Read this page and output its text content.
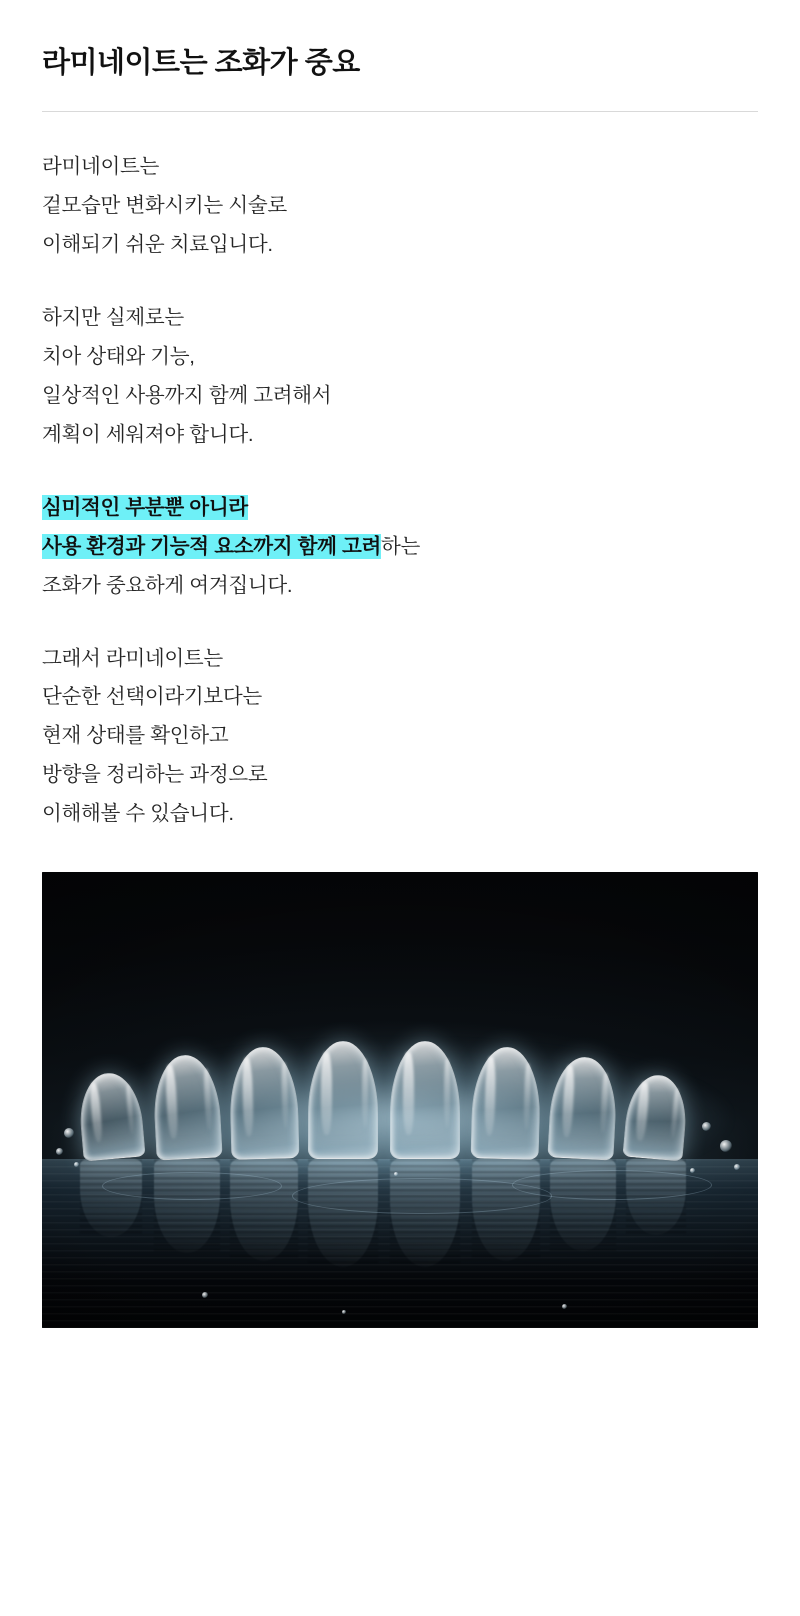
라미네이트는 조화가 중요
라미네이트는
겉모습만 변화시키는 시술로
이해되기 쉬운 치료입니다.
하지만 실제로는
치아 상태와 기능,
일상적인 사용까지 함께 고려해서
계획이 세워져야 합니다.
심미적인 부분뿐 아니라
사용 환경과 기능적 요소까지 함께 고려하는
조화가 중요하게 여겨집니다.
그래서 라미네이트는
단순한 선택이라기보다는
현재 상태를 확인하고
방향을 정리하는 과정으로
이해해볼 수 있습니다.
